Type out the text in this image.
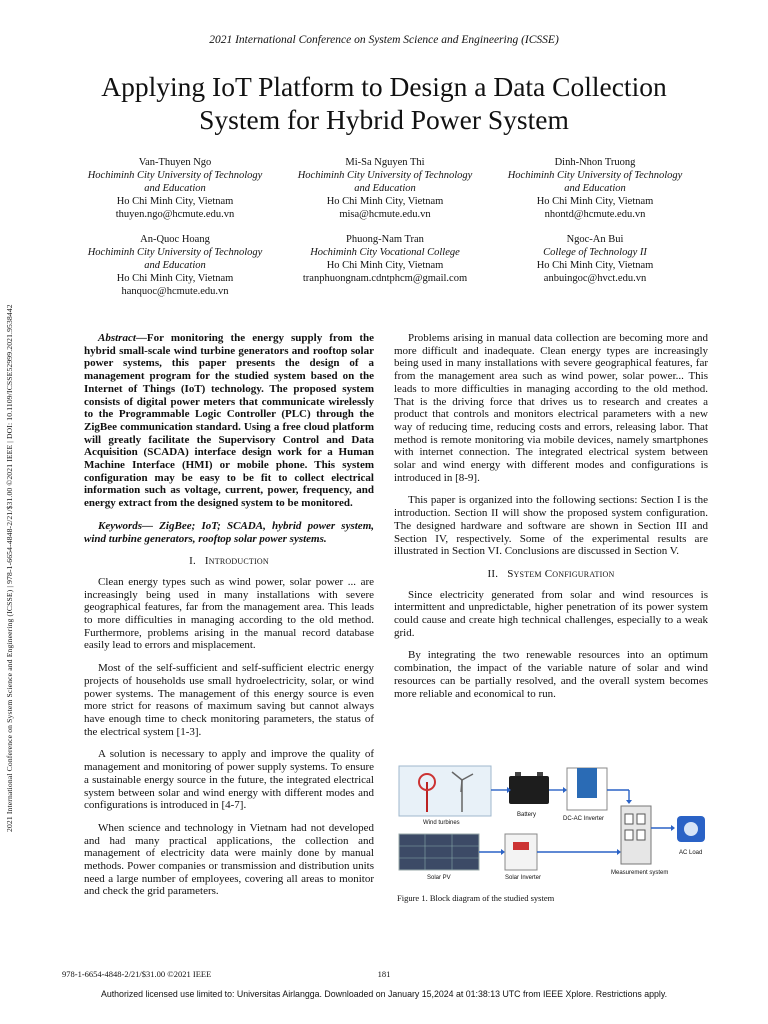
2021 International Conference on System Science and Engineering (ICSSE)
Applying IoT Platform to Design a Data Collection System for Hybrid Power System
Van-Thuyen Ngo
Hochiminh City University of Technology
and Education
Ho Chi Minh City, Vietnam
thuyen.ngo@hcmute.edu.vn
Mi-Sa Nguyen Thi
Hochiminh City University of Technology
and Education
Ho Chi Minh City, Vietnam
misa@hcmute.edu.vn
Dinh-Nhon Truong
Hochiminh City University of Technology
and Education
Ho Chi Minh City, Vietnam
nhontd@hcmute.edu.vn
An-Quoc Hoang
Hochiminh City University of Technology
and Education
Ho Chi Minh City, Vietnam
hanquoc@hcmute.edu.vn
Phuong-Nam Tran
Hochiminh City Vocational College
Ho Chi Minh City, Vietnam
tranphuongnam.cdntphcm@gmail.com
Ngoc-An Bui
College of Technology II
Ho Chi Minh City, Vietnam
anbuingoc@hvct.edu.vn
2021 International Conference on System Science and Engineering (ICSSE) | 978-1-6654-4848-2/21/$31.00 ©2021 IEEE | DOI: 10.1109/ICSSE52999.2021.9538442	Abstract—For monitoring the energy supply from the hybrid small-scale wind turbine generators and rooftop solar power systems, this paper presents the design of a management program for the studied system based on the Internet of Things (IoT) technology. The proposed system consists of digital power meters that communicate wirelessly to the Programmable Logic Controller (PLC) through the ZigBee communication standard. Using a free cloud platform will greatly facilitate the Supervisory Control and Data Acquisition (SCADA) interface design work for a Human Machine Interface (HMI) or mobile phone. This system configuration may be easy to be fit to collect electrical information such as voltage, current, power, frequency, and energy extract from the designed system to be monitored.

Keywords— ZigBee; IoT; SCADA, hybrid power system, wind turbine generators, rooftop solar power systems.

I. Introduction

Clean energy types such as wind power, solar power ... are increasingly being used in many installations with severe geographical features, far from the management area. This leads to more difficulties in managing according to the old method. Furthermore, problems arising in the manual record database easily lead to errors and misplacement.

Most of the self-sufficient and self-sufficient electric energy projects of households use small hydroelectricity, solar, or wind power systems. The management of this energy source is even more strict for reasons of maximum saving but cannot always have enough time to check monitoring parameters, the status of the electrical system [1-3].

A solution is necessary to apply and improve the quality of management and monitoring of power supply systems. To ensure a sustainable energy source in the future, the integrated electrical system between solar and wind energy with different modes and configurations is introduced in [4-7].

When science and technology in Vietnam had not developed and had many practical applications, the collection and management of electricity data were mainly done by manual methods. Power companies or transmission and distribution units need a large number of employees, covering all areas to monitor and check the grid parameters.

Problems arising in manual data collection are becoming more and more difficult and inadequate. Clean energy types are increasingly being used in many installations with severe geographical features, far from the management area such as wind power, solar power... This leads to more difficulties in managing according to the old method. That is the driving force that drives us to research and creates a product that controls and monitors electrical parameters with a new way of reducing time, reducing costs and errors, releasing labor. That method is remote monitoring via mobile devices, namely smartphones with internet connection. The integrated electrical system between solar and wind energy with different modes and configurations is introduced in [8-9].

This paper is organized into the following sections: Section I is the introduction. Section II will show the proposed system configuration. The designed hardware and software are shown in Section III and Section IV, respectively. Some of the experimental results are illustrated in Section VI. Conclusions are discussed in Section V.

II. System Configuration

Since electricity generated from solar and wind resources is intermittent and unpredictable, higher penetration of its power system could cause and create high technical challenges, especially to a weak grid.

By integrating the two renewable resources into an optimum combination, the impact of the variable nature of solar and wind resources can be partially resolved, and the overall system becomes more reliable and economical to run.

Wind turbines
Battery
DC-AC Inverter
Solar PV	Solar Inverter
Measurement system
AC Load
Figure 1. Block diagram of the studied system
978-1-6654-4848-2/21/$31.00 ©2021 IEEE	181
Authorized licensed use limited to: Universitas Airlangga. Downloaded on January 15,2024 at 01:38:13 UTC from IEEE Xplore. Restrictions apply.
